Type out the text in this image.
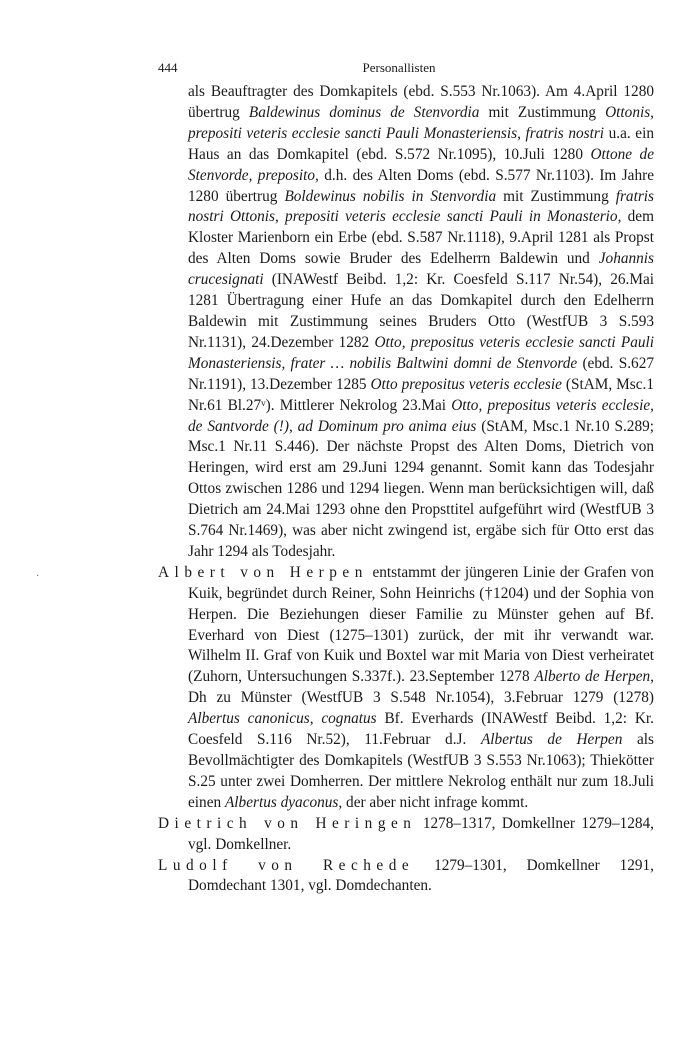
444	Personallisten
·

als Beauftragter des Domkapitels (ebd. S.553 Nr.1063). Am 4.April 1280 übertrug Baldewinus dominus de Stenvordia mit Zustimmung Ottonis, prepositi veteris ecclesie sancti Pauli Monasteriensis, fratris nostri u.a. ein Haus an das Domkapitel (ebd. S.572 Nr.1095), 10.Juli 1280 Ottone de Stenvorde, preposito, d.h. des Alten Doms (ebd. S.577 Nr.1103). Im Jahre 1280 übertrug Boldewinus nobilis in Stenvordia mit Zustimmung fratris nostri Ottonis, prepositi veteris ecclesie sancti Pauli in Monasterio, dem Kloster Marienborn ein Erbe (ebd. S.587 Nr.1118), 9.April 1281 als Propst des Alten Doms sowie Bruder des Edelherrn Baldewin und Johannis crucesignati (INAWestf Beibd. 1,2: Kr. Coesfeld S.117 Nr.54), 26.Mai 1281 Übertragung einer Hufe an das Domkapitel durch den Edelherrn Baldewin mit Zustimmung seines Bruders Otto (WestfUB 3 S.593 Nr.1131), 24.Dezember 1282 Otto, prepositus veteris ecclesie sancti Pauli Monasteriensis, frater … nobilis Baltwini domni de Stenvorde (ebd. S.627 Nr.1191), 13.Dezember 1285 Otto prepositus veteris ecclesie (StAM, Msc.1 Nr.61 Bl.27ᵛ). Mittlerer Nekrolog 23.Mai Otto, prepositus veteris ecclesie, de Santvorde (!), ad Dominum pro anima eius (StAM, Msc.1 Nr.10 S.289; Msc.1 Nr.11 S.446). Der nächste Propst des Alten Doms, Dietrich von Heringen, wird erst am 29.Juni 1294 genannt. Somit kann das Todesjahr Ottos zwischen 1286 und 1294 liegen. Wenn man berücksichtigen will, daß Dietrich am 24.Mai 1293 ohne den Propsttitel aufgeführt wird (WestfUB 3 S.764 Nr.1469), was aber nicht zwingend ist, ergäbe sich für Otto erst das Jahr 1294 als Todesjahr.

Albert von Herpen entstammt der jüngeren Linie der Grafen von Kuik, begründet durch Reiner, Sohn Heinrichs (†1204) und der Sophia von Herpen. Die Beziehungen dieser Familie zu Münster gehen auf Bf. Everhard von Diest (1275–1301) zurück, der mit ihr verwandt war. Wilhelm II. Graf von Kuik und Boxtel war mit Maria von Diest verheiratet (Zuhorn, Untersuchungen S.337f.). 23.September 1278 Alberto de Herpen, Dh zu Münster (WestfUB 3 S.548 Nr.1054), 3.Februar 1279 (1278) Albertus canonicus, cognatus Bf. Everhards (INAWestf Beibd. 1,2: Kr. Coesfeld S.116 Nr.52), 11.Februar d.J. Albertus de Herpen als Bevollmächtigter des Domkapitels (WestfUB 3 S.553 Nr.1063); Thiekötter S.25 unter zwei Domherren. Der mittlere Nekrolog enthält nur zum 18.Juli einen Albertus dyaconus, der aber nicht infrage kommt.

Dietrich von Heringen 1278–1317, Domkellner 1279–1284, vgl. Domkellner.

Ludolf von Rechede 1279–1301, Domkellner 1291, Domdechant 1301, vgl. Domdechanten.
